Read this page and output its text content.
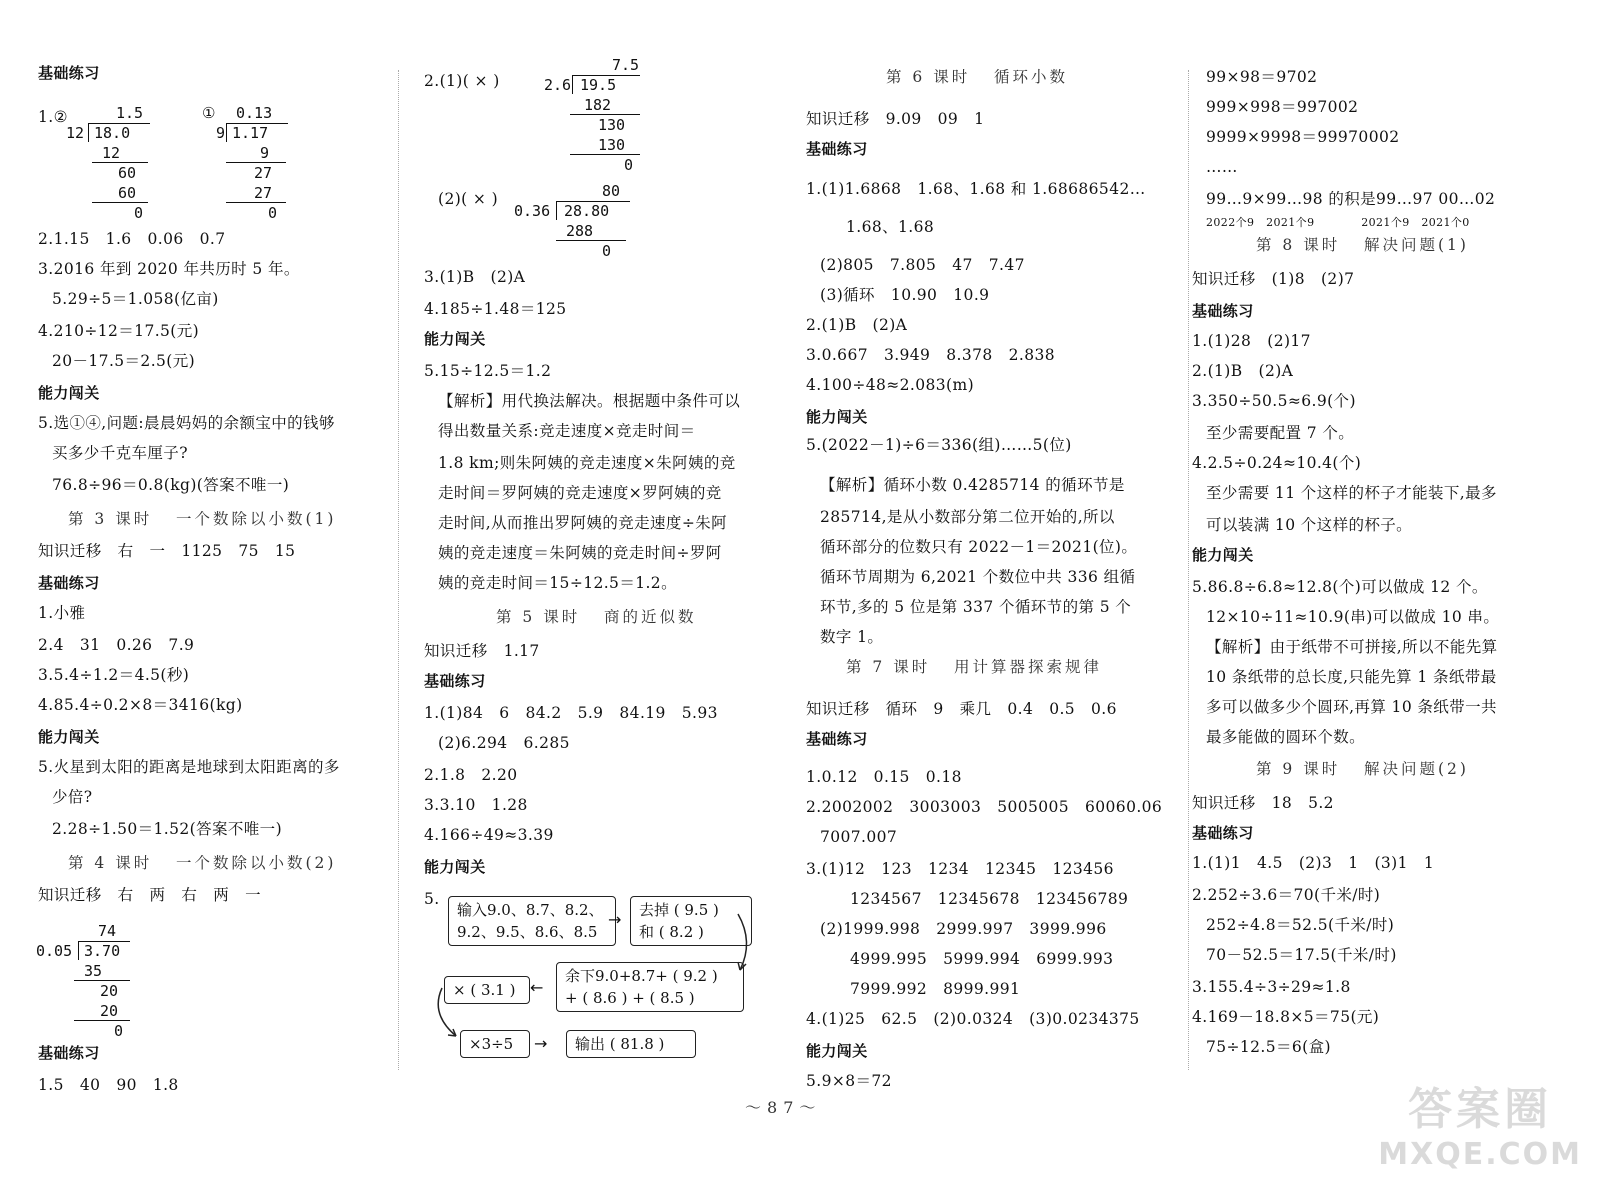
基础练习
1.②
2.1.15   1.6   0.06   0.7
3.2016 年到 2020 年共历时 5 年。
5.29÷5＝1.058(亿亩)
4.210÷12＝17.5(元)
20－17.5＝2.5(元)
能力闯关
5.选①④,问题:晨晨妈妈的余额宝中的钱够
买多少千克车厘子?
76.8÷96＝0.8(kg)(答案不唯一)
第 3 课时   一个数除以小数(1)
知识迁移   右   一   1125   75   15
基础练习
1.小雅
2.4   31   0.26   7.9
3.5.4÷1.2＝4.5(秒)
4.85.4÷0.2×8＝3416(kg)
能力闯关
5.火星到太阳的距离是地球到太阳距离的多
少倍?
2.28÷1.50＝1.52(答案不唯一)
第 4 课时   一个数除以小数(2)
知识迁移   右   两   右   两   一
基础练习
1.5   40   90   1.8
2.(1)( × )
(2)( × )
3.(1)B   (2)A
4.185÷1.48＝125
能力闯关
5.15÷12.5＝1.2
【解析】用代换法解决。根据题中条件可以
得出数量关系:竞走速度×竞走时间＝
1.8 km;则朱阿姨的竞走速度×朱阿姨的竞
走时间＝罗阿姨的竞走速度×罗阿姨的竞
走时间,从而推出罗阿姨的竞走速度÷朱阿
姨的竞走速度＝朱阿姨的竞走时间÷罗阿
姨的竞走时间＝15÷12.5＝1.2。
第 5 课时   商的近似数
知识迁移   1.17
基础练习
1.(1)84   6   84.2   5.9   84.19   5.93
(2)6.294   6.285
2.1.8   2.20
3.3.10   1.28
4.166÷49≈3.39
能力闯关
5.
第 6 课时   循环小数
知识迁移   9.09   09   1
基础练习
1.(1)1.6868   1.68、1.68 和 1.68686542…
1.68、1.68
(2)805   7.805   47   7.47
(3)循环   10.90   10.9
2.(1)B   (2)A
3.0.667   3.949   8.378   2.838
4.100÷48≈2.083(m)
能力闯关
5.(2022－1)÷6＝336(组)……5(位)
【解析】循环小数 0.4285714 的循环节是
285714,是从小数部分第二位开始的,所以
循环部分的位数只有 2022－1＝2021(位)。
循环节周期为 6,2021 个数位中共 336 组循
环节,多的 5 位是第 337 个循环节的第 5 个
数字 1。
第 7 课时   用计算器探索规律
知识迁移   循环   9   乘几   0.4   0.5   0.6
基础练习
1.0.12   0.15   0.18
2.2002002   3003003   5005005   60060.06
7007.007
3.(1)12   123   1234   12345   123456
1234567   12345678   123456789
(2)1999.998   2999.997   3999.996
4999.995   5999.994   6999.993
7999.992   8999.991
4.(1)25   62.5   (2)0.0324   (3)0.0234375
能力闯关
5.9×8＝72
99×98＝9702
999×998＝997002
9999×9998＝99970002
……
99…9×99…98 的积是99…97 00…02
2022个9   2021个9            2021个9   2021个0
第 8 课时   解决问题(1)
知识迁移   (1)8   (2)7
基础练习
1.(1)28   (2)17
2.(1)B   (2)A
3.350÷50.5≈6.9(个)
至少需要配置 7 个。
4.2.5÷0.24≈10.4(个)
至少需要 11 个这样的杯子才能装下,最多
可以装满 10 个这样的杯子。
能力闯关
5.86.8÷6.8≈12.8(个)可以做成 12 个。
12×10÷11≈10.9(串)可以做成 10 串。
【解析】由于纸带不可拼接,所以不能先算
10 条纸带的总长度,只能先算 1 条纸带最
多可以做多少个圆环,再算 10 条纸带一共
最多能做的圆环个数。
第 9 课时   解决问题(2)
知识迁移   18   5.2
基础练习
1.(1)1   4.5   (2)3   1   (3)1   1
2.252÷3.6＝70(千米/时)
252÷4.8＝52.5(千米/时)
70－52.5＝17.5(千米/时)
3.155.4÷3÷29≈1.8
4.169－18.8×5＝75(元)
75÷12.5＝6(盒)
1.5
12 18.0
12
60
60
0
① 0.13
9 1.17
9
27
27
0
7.5
2.6 19.5
182
130
130
0
80
0.36 28.80
288
0
74
0.05 3.70
35
20
20
0
输入9.0、8.7、8.2、
9.2、9.5、8.6、8.5
→	去掉 ( 9.5 )
和 ( 8.2 )
余下9.0+8.7+ ( 9.2 )
+ ( 8.6 ) + ( 8.5 )
←
× ( 3.1 )
×3÷5	→	输出 ( 81.8 )
〜87〜	答案圈
MXQE.COM
